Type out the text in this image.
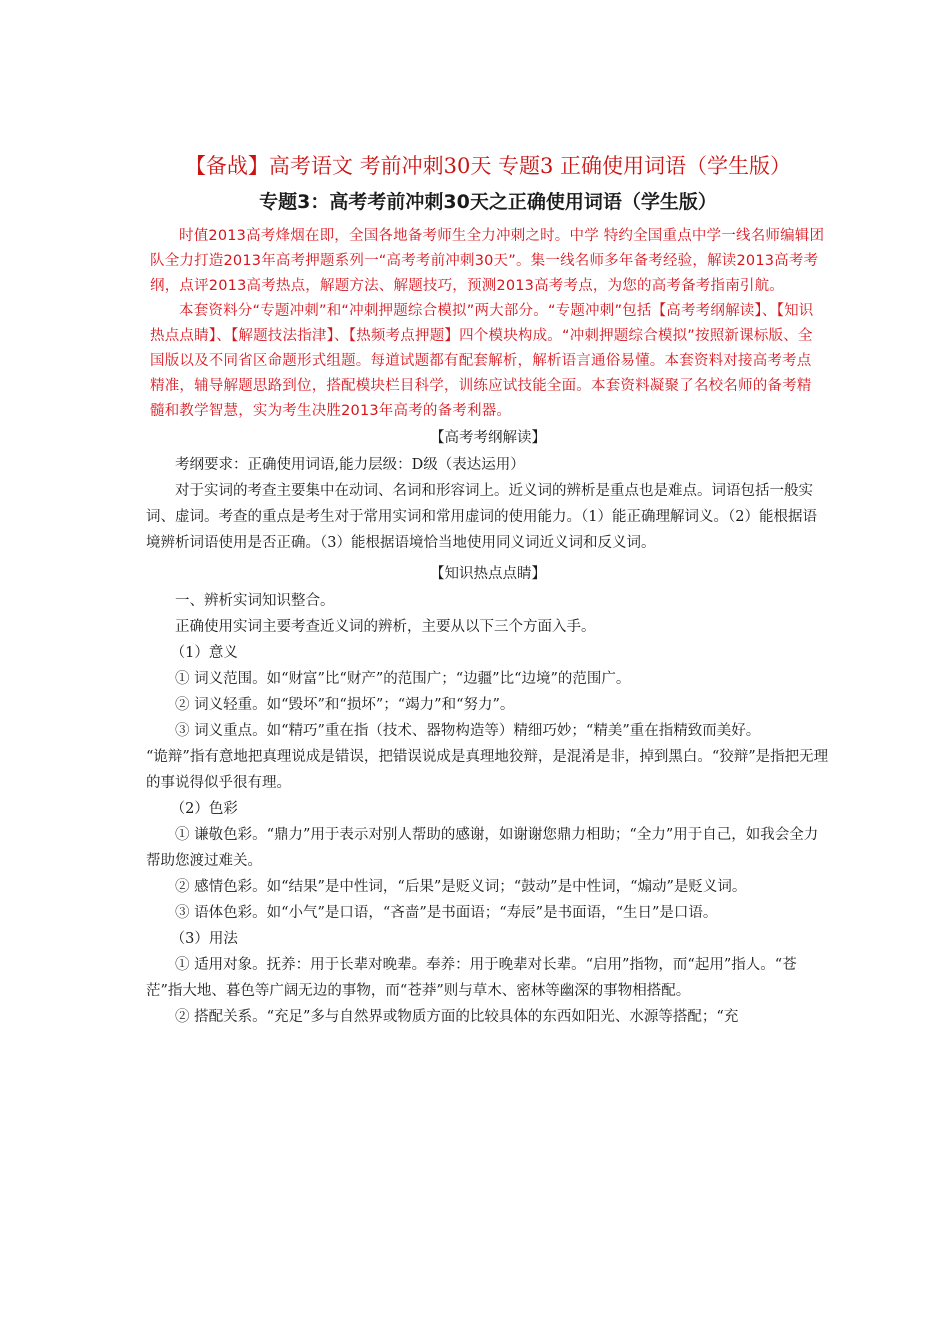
【备战】高考语文 考前冲刺30天 专题3 正确使用词语（学生版）
专题3：高考考前冲刺30天之正确使用词语（学生版）

时值2013高考烽烟在即，全国各地备考师生全力冲刺之时。中学 特约全国重点中学一线名师编辑团队全力打造2013年高考押题系列一“高考考前冲刺30天”。集一线名师多年备考经验，解读2013高考考纲，点评2013高考热点，解题方法、解题技巧，预测2013高考考点，为您的高考备考指南引航。

本套资料分“专题冲刺”和“冲刺押题综合模拟”两大部分。“专题冲刺”包括【高考考纲解读】、【知识热点点睛】、【解题技法指津】、【热频考点押题】四个模块构成。“冲刺押题综合模拟”按照新课标版、全国版以及不同省区命题形式组题。每道试题都有配套解析，解析语言通俗易懂。本套资料对接高考考点精准，辅导解题思路到位，搭配模块栏目科学，训练应试技能全面。本套资料凝聚了名校名师的备考精髓和教学智慧，实为考生决胜2013年高考的备考利器。

【高考考纲解读】

考纲要求：正确使用词语,能力层级：D级（表达运用）

对于实词的考查主要集中在动词、名词和形容词上。近义词的辨析是重点也是难点。词语包括一般实词、虚词。考查的重点是考生对于常用实词和常用虚词的使用能力。（1）能正确理解词义。（2）能根据语境辨析词语使用是否正确。（3）能根据语境恰当地使用同义词近义词和反义词。

【知识热点点睛】

一、辨析实词知识整合。

正确使用实词主要考查近义词的辨析，主要从以下三个方面入手。

（1）意义

① 词义范围。如“财富”比“财产”的范围广；“边疆”比“边境”的范围广。

② 词义轻重。如“毁坏”和“损坏”；“竭力”和“努力”。

③ 词义重点。如“精巧”重在指（技术、器物构造等）精细巧妙；“精美”重在指精致而美好。

“诡辩”指有意地把真理说成是错误，把错误说成是真理地狡辩，是混淆是非，掉到黑白。“狡辩”是指把无理的事说得似乎很有理。

（2）色彩

① 谦敬色彩。“鼎力”用于表示对别人帮助的感谢，如谢谢您鼎力相助；“全力”用于自己，如我会全力帮助您渡过难关。

② 感情色彩。如“结果”是中性词，“后果”是贬义词；“鼓动”是中性词，“煽动”是贬义词。

③ 语体色彩。如“小气”是口语，“吝啬”是书面语；“寿辰”是书面语，“生日”是口语。

（3）用法

① 适用对象。抚养：用于长辈对晚辈。奉养：用于晚辈对长辈。“启用”指物，而“起用”指人。“苍茫”指大地、暮色等广阔无边的事物，而“苍莽”则与草木、密林等幽深的事物相搭配。

② 搭配关系。“充足”多与自然界或物质方面的比较具体的东西如阳光、水源等搭配；“充
